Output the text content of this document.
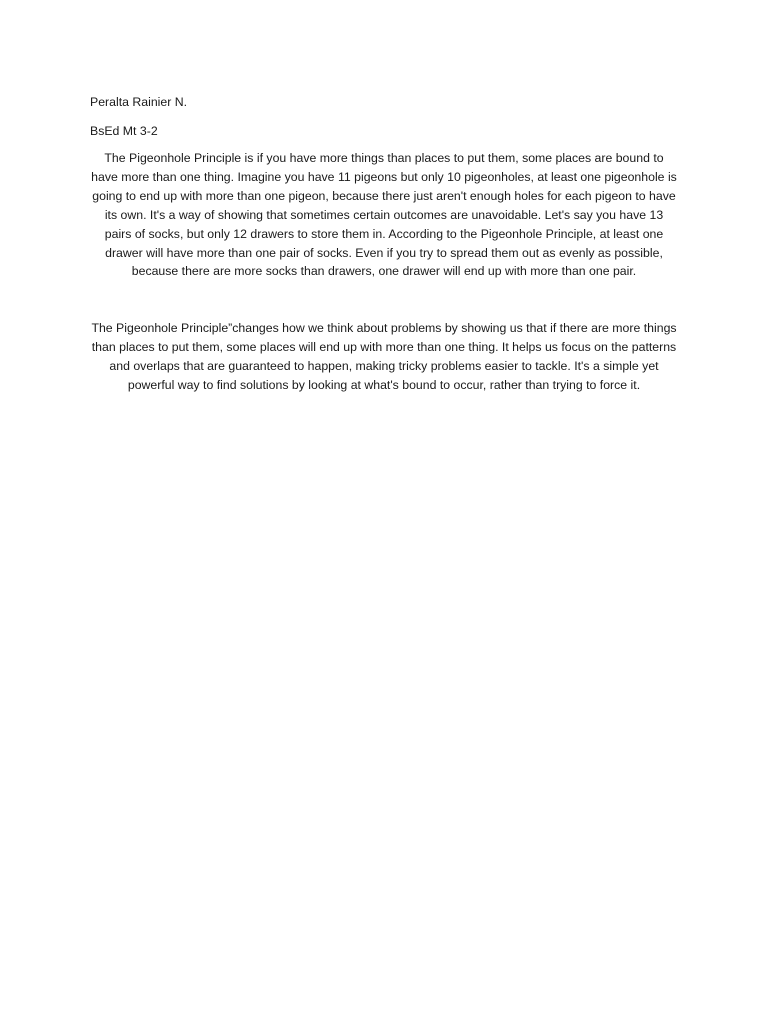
Peralta Rainier N.

BsEd Mt 3-2

The Pigeonhole Principle is if you have more things than places to put them, some places are bound to have more than one thing. Imagine you have 11 pigeons but only 10 pigeonholes, at least one pigeonhole is going to end up with more than one pigeon, because there just aren't enough holes for each pigeon to have its own. It's a way of showing that sometimes certain outcomes are unavoidable. Let's say you have 13 pairs of socks, but only 12 drawers to store them in. According to the Pigeonhole Principle, at least one drawer will have more than one pair of socks. Even if you try to spread them out as evenly as possible, because there are more socks than drawers, one drawer will end up with more than one pair.

The Pigeonhole Principle”changes how we think about problems by showing us that if there are more things than places to put them, some places will end up with more than one thing. It helps us focus on the patterns and overlaps that are guaranteed to happen, making tricky problems easier to tackle. It's a simple yet powerful way to find solutions by looking at what's bound to occur, rather than trying to force it.
